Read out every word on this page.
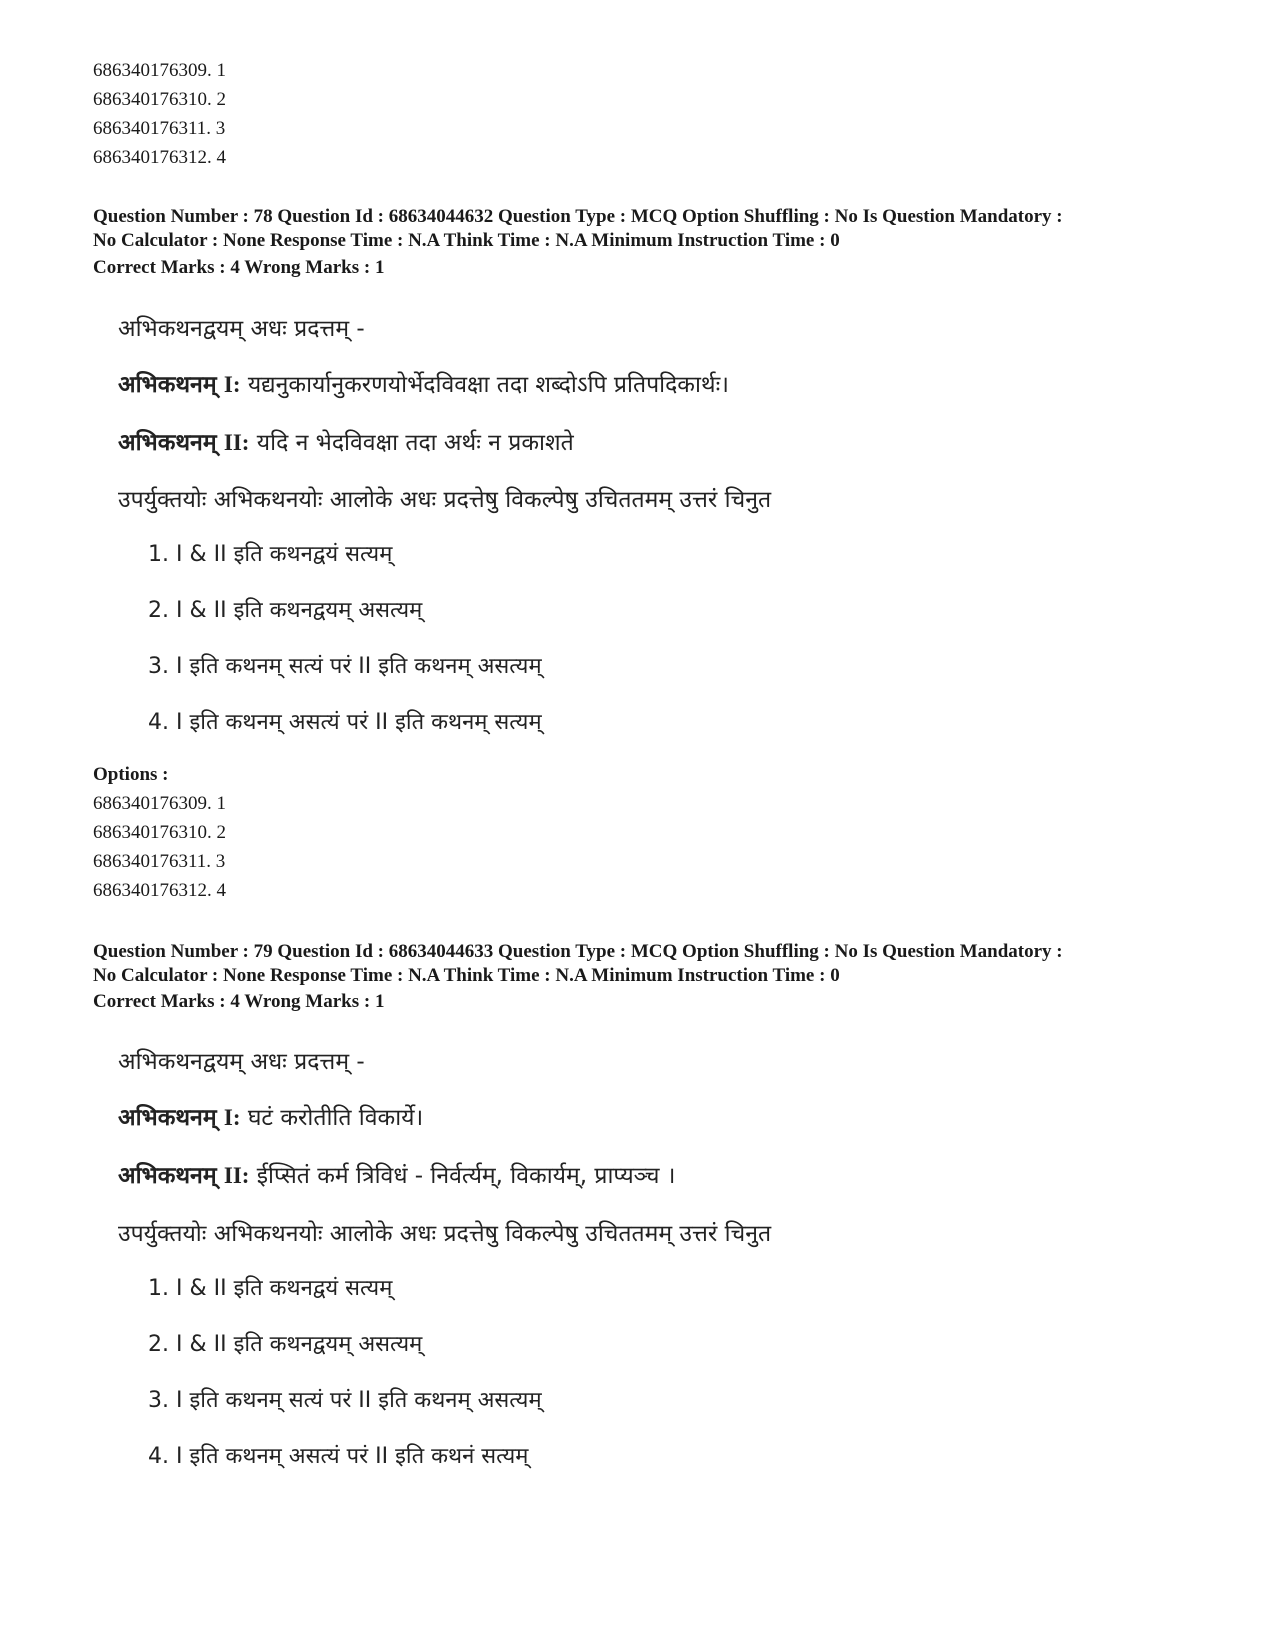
686340176309. 1
686340176310. 2
686340176311. 3
686340176312. 4
Question Number : 78 Question Id : 68634044632 Question Type : MCQ Option Shuffling : No Is Question Mandatory :
No Calculator : None Response Time : N.A Think Time : N.A Minimum Instruction Time : 0
Correct Marks : 4 Wrong Marks : 1
अभिकथनद्वयम् अधः प्रदत्तम् -
अभिकथनम् I: यद्यनुकार्यानुकरणयोर्भेदविवक्षा तदा शब्दोऽपि प्रतिपदिकार्थः।
अभिकथनम् II: यदि न भेदविवक्षा तदा अर्थः न प्रकाशते
उपर्युक्तयोः अभिकथनयोः आलोके अधः प्रदत्तेषु विकल्पेषु उचिततमम् उत्तरं चिनुत
1. I & II इति कथनद्वयं सत्यम्
2. I & II इति कथनद्वयम् असत्यम्
3. I इति कथनम् सत्यं परं II इति कथनम् असत्यम्
4. I इति कथनम् असत्यं परं II इति कथनम् सत्यम्
Options :
686340176309. 1
686340176310. 2
686340176311. 3
686340176312. 4
Question Number : 79 Question Id : 68634044633 Question Type : MCQ Option Shuffling : No Is Question Mandatory :
No Calculator : None Response Time : N.A Think Time : N.A Minimum Instruction Time : 0
Correct Marks : 4 Wrong Marks : 1
अभिकथनद्वयम् अधः प्रदत्तम् -
अभिकथनम् I: घटं करोतीति विकार्ये।
अभिकथनम् II: ईप्सितं कर्म त्रिविधं - निर्वर्त्यम्, विकार्यम्, प्राप्यञ्च ।
उपर्युक्तयोः अभिकथनयोः आलोके अधः प्रदत्तेषु विकल्पेषु उचिततमम् उत्तरं चिनुत
1. I & II इति कथनद्वयं सत्यम्
2. I & II इति कथनद्वयम् असत्यम्
3. I इति कथनम् सत्यं परं II इति कथनम् असत्यम्
4. I इति कथनम् असत्यं परं II इति कथनं सत्यम्
